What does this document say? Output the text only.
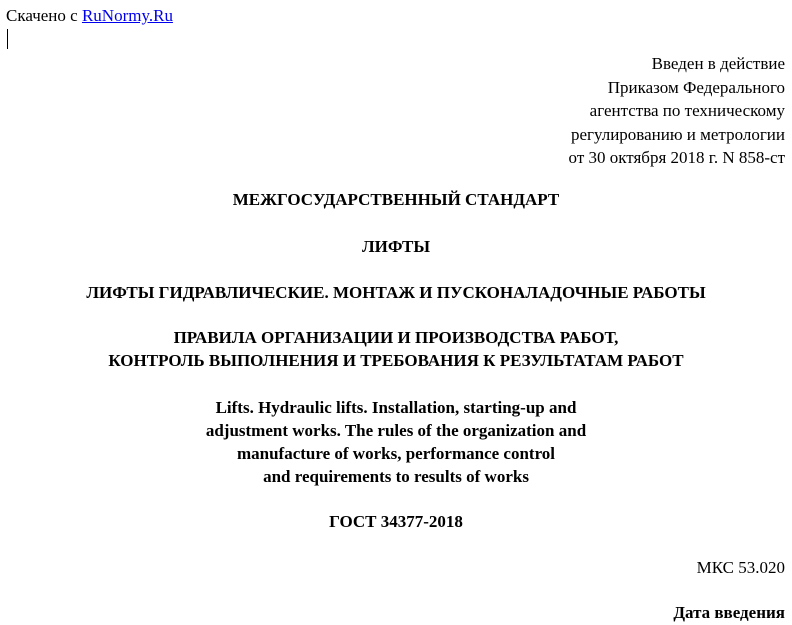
Скачено с RuNormy.Ru
Введен в действие
Приказом Федерального
агентства по техническому
регулированию и метрологии
от 30 октября 2018 г. N 858-ст
МЕЖГОСУДАРСТВЕННЫЙ СТАНДАРТ
ЛИФТЫ
ЛИФТЫ ГИДРАВЛИЧЕСКИЕ. МОНТАЖ И ПУСКОНАЛАДОЧНЫЕ РАБОТЫ
ПРАВИЛА ОРГАНИЗАЦИИ И ПРОИЗВОДСТВА РАБОТ,
КОНТРОЛЬ ВЫПОЛНЕНИЯ И ТРЕБОВАНИЯ К РЕЗУЛЬТАТАМ РАБОТ
Lifts. Hydraulic lifts. Installation, starting-up and
adjustment works. The rules of the organization and
manufacture of works, performance control
and requirements to results of works
ГОСТ 34377-2018
МКС 53.020
Дата введения
